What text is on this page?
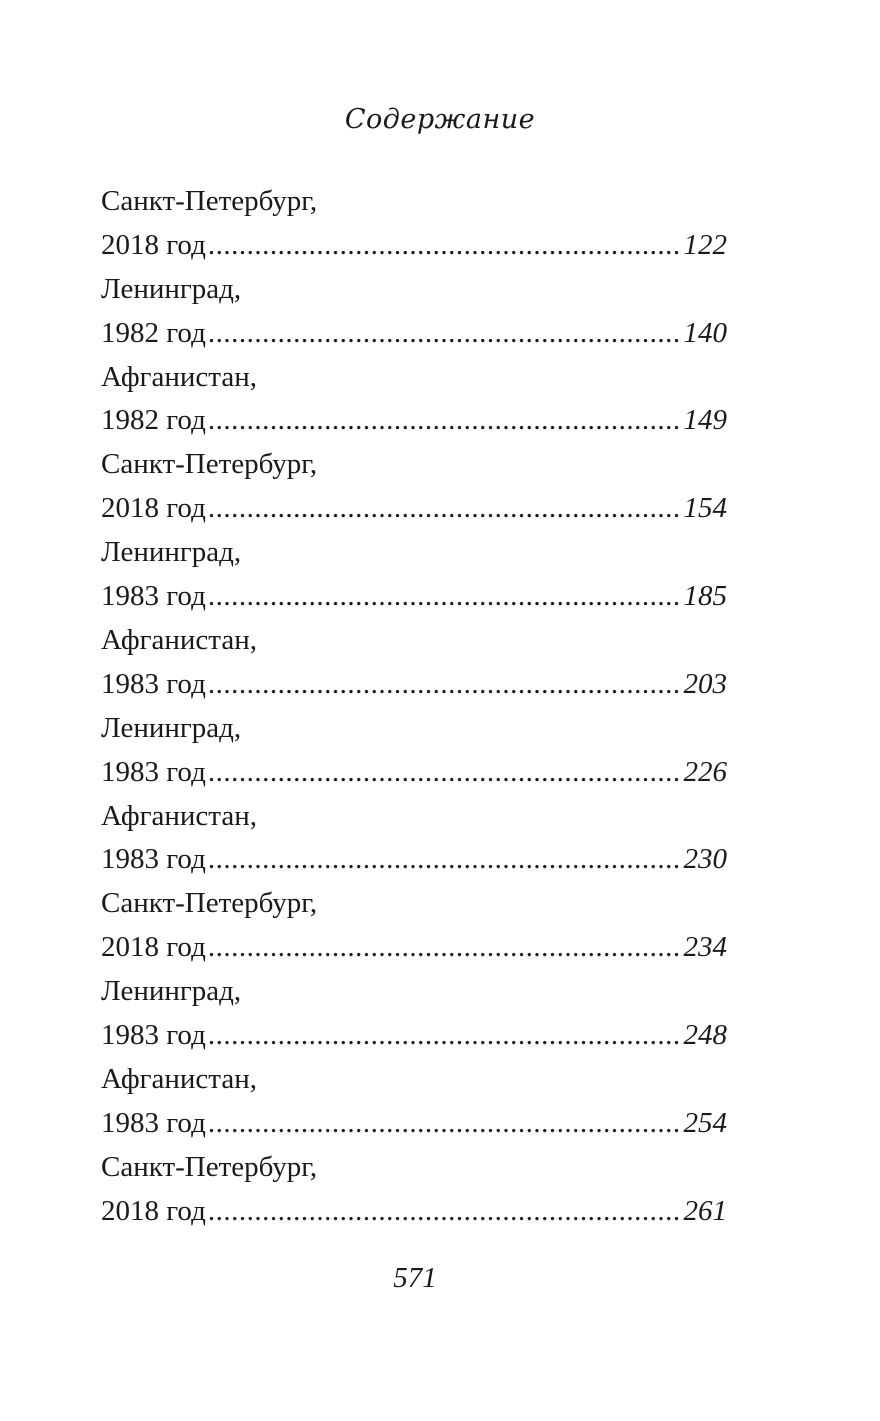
Содержание
Санкт-Петербург,
2018 год .....	122
Ленинград,
1982 год .....	140
Афганистан,
1982 год .....	149
Санкт-Петербург,
2018 год .....	154
Ленинград,
1983 год .....	185
Афганистан,
1983 год .....	203
Ленинград,
1983 год .....	226
Афганистан,
1983 год .....	230
Санкт-Петербург,
2018 год .....	234
Ленинград,
1983 год .....	248
Афганистан,
1983 год .....	254
Санкт-Петербург,
2018 год .....	261
571
